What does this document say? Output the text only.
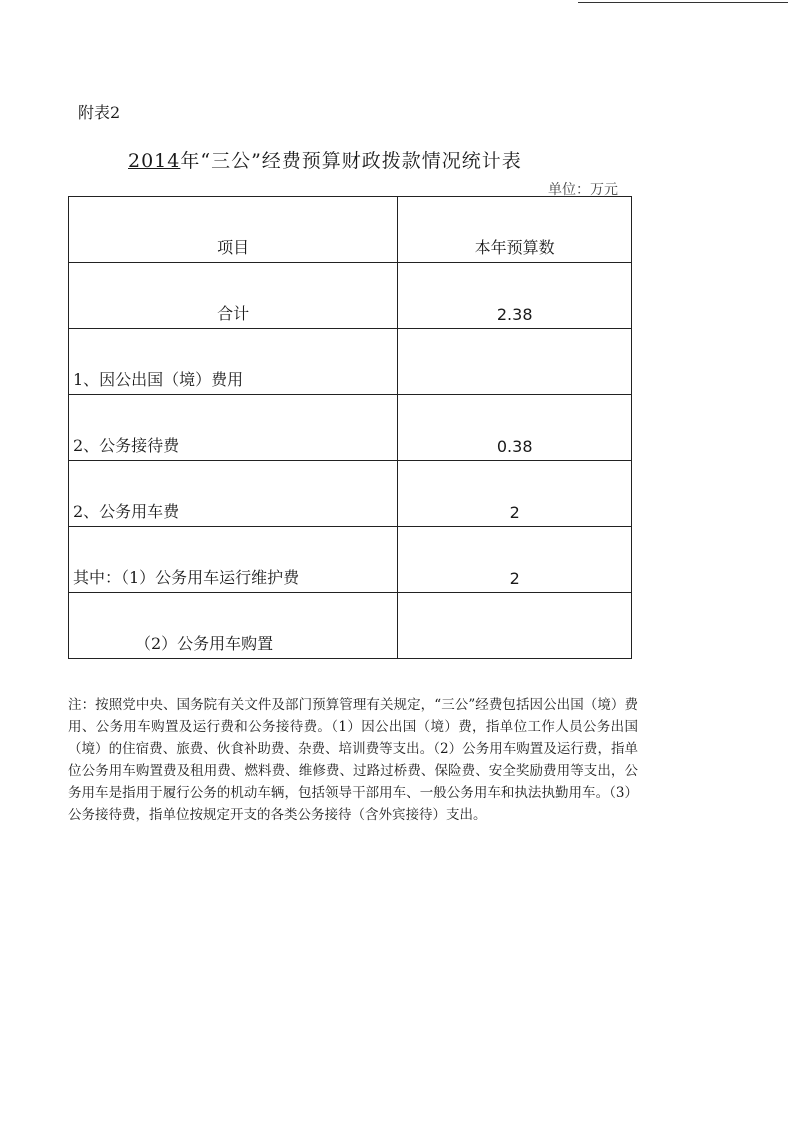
附表2
2014年“三公”经费预算财政拨款情况统计表
单位：万元
项目	本年预算数
合计	2.38
1、因公出国（境）费用	
2、公务接待费	0.38
2、公务用车费	2
其中：（1）公务用车运行维护费	2
（2）公务用车购置	
注：按照党中央、国务院有关文件及部门预算管理有关规定，“三公”经费包括因公出国（境）费用、公务用车购置及运行费和公务接待费。（1）因公出国（境）费，指单位工作人员公务出国（境）的住宿费、旅费、伙食补助费、杂费、培训费等支出。（2）公务用车购置及运行费，指单位公务用车购置费及租用费、燃料费、维修费、过路过桥费、保险费、安全奖励费用等支出，公务用车是指用于履行公务的机动车辆，包括领导干部用车、一般公务用车和执法执勤用车。（3）公务接待费，指单位按规定开支的各类公务接待（含外宾接待）支出。
